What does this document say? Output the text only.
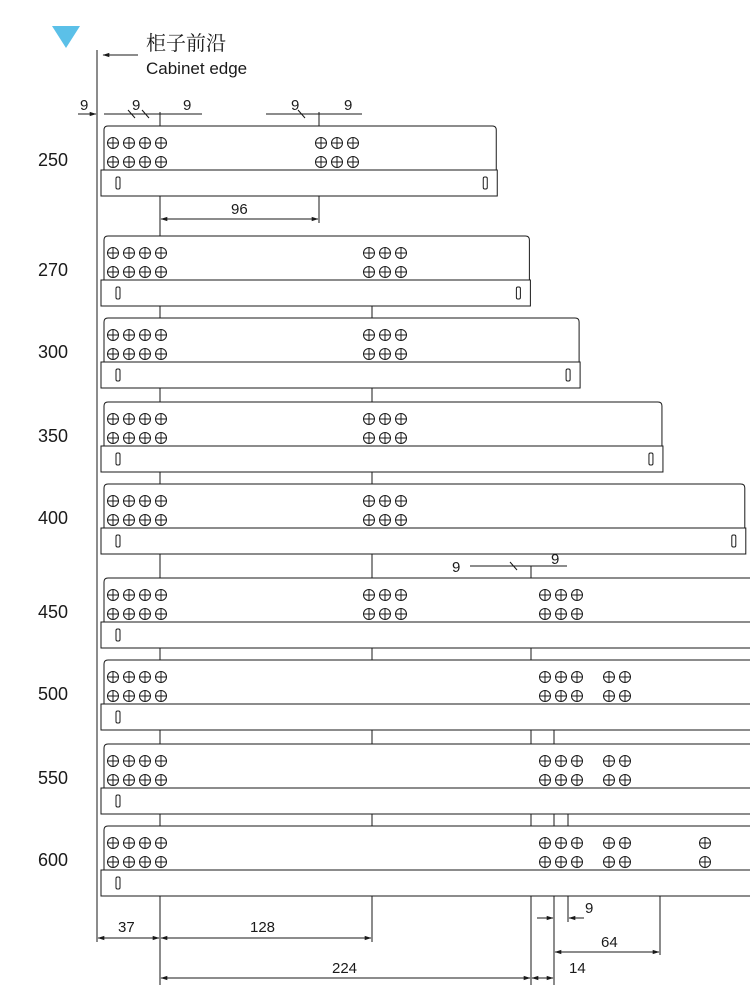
柜子前沿
Cabinet edge
250
270
300
350
400
450
500
550
600
9	9	9	9	9
96
9	9
37	128
224
9
64
14
